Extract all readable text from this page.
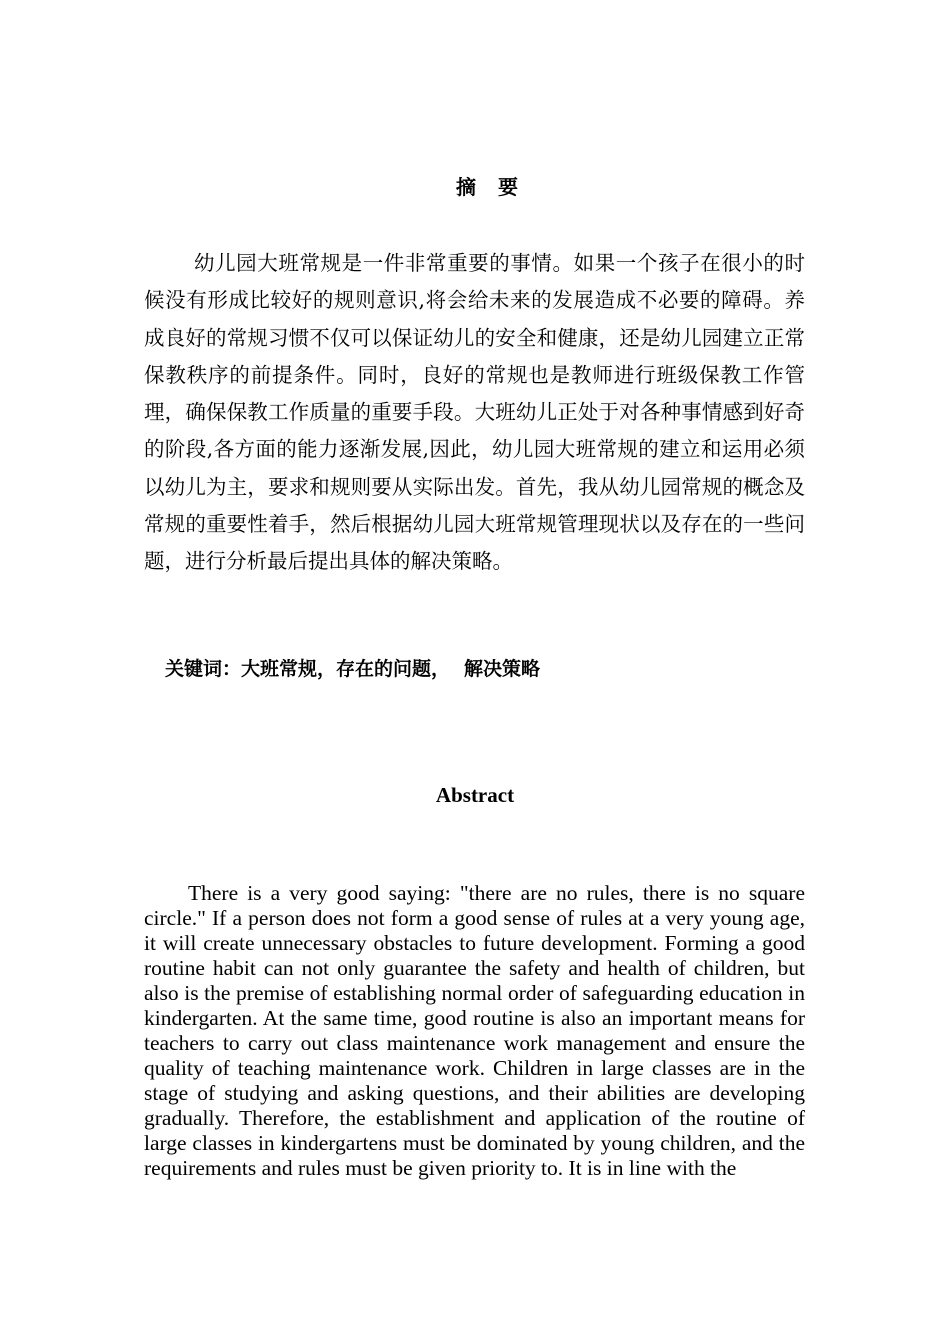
摘要

幼儿园大班常规是一件非常重要的事情。如果一个孩子在很小的时候没有形成比较好的规则意识,将会给未来的发展造成不必要的障碍。养成良好的常规习惯不仅可以保证幼儿的安全和健康，还是幼儿园建立正常保教秩序的前提条件。同时，良好的常规也是教师进行班级保教工作管理，确保保教工作质量的重要手段。大班幼儿正处于对各种事情感到好奇的阶段,各方面的能力逐渐发展,因此，幼儿园大班常规的建立和运用必须以幼儿为主，要求和规则要从实际出发。首先，我从幼儿园常规的概念及常规的重要性着手，然后根据幼儿园大班常规管理现状以及存在的一些问题，进行分析最后提出具体的解决策略。

关键词：大班常规，存在的问题， 解决策略
Abstract

There is a very good saying: "there are no rules, there is no square circle." If a person does not form a good sense of rules at a very young age, it will create unnecessary obstacles to future development. Forming a good routine habit can not only guarantee the safety and health of children, but also is the premise of establishing normal order of safeguarding education in kindergarten. At the same time, good routine is also an important means for teachers to carry out class maintenance work management and ensure the quality of teaching maintenance work. Children in large classes are in the stage of studying and asking questions, and their abilities are developing gradually. Therefore, the establishment and application of the routine of large classes in kindergartens must be dominated by young children, and the requirements and rules must be given priority to. It is in line with the
